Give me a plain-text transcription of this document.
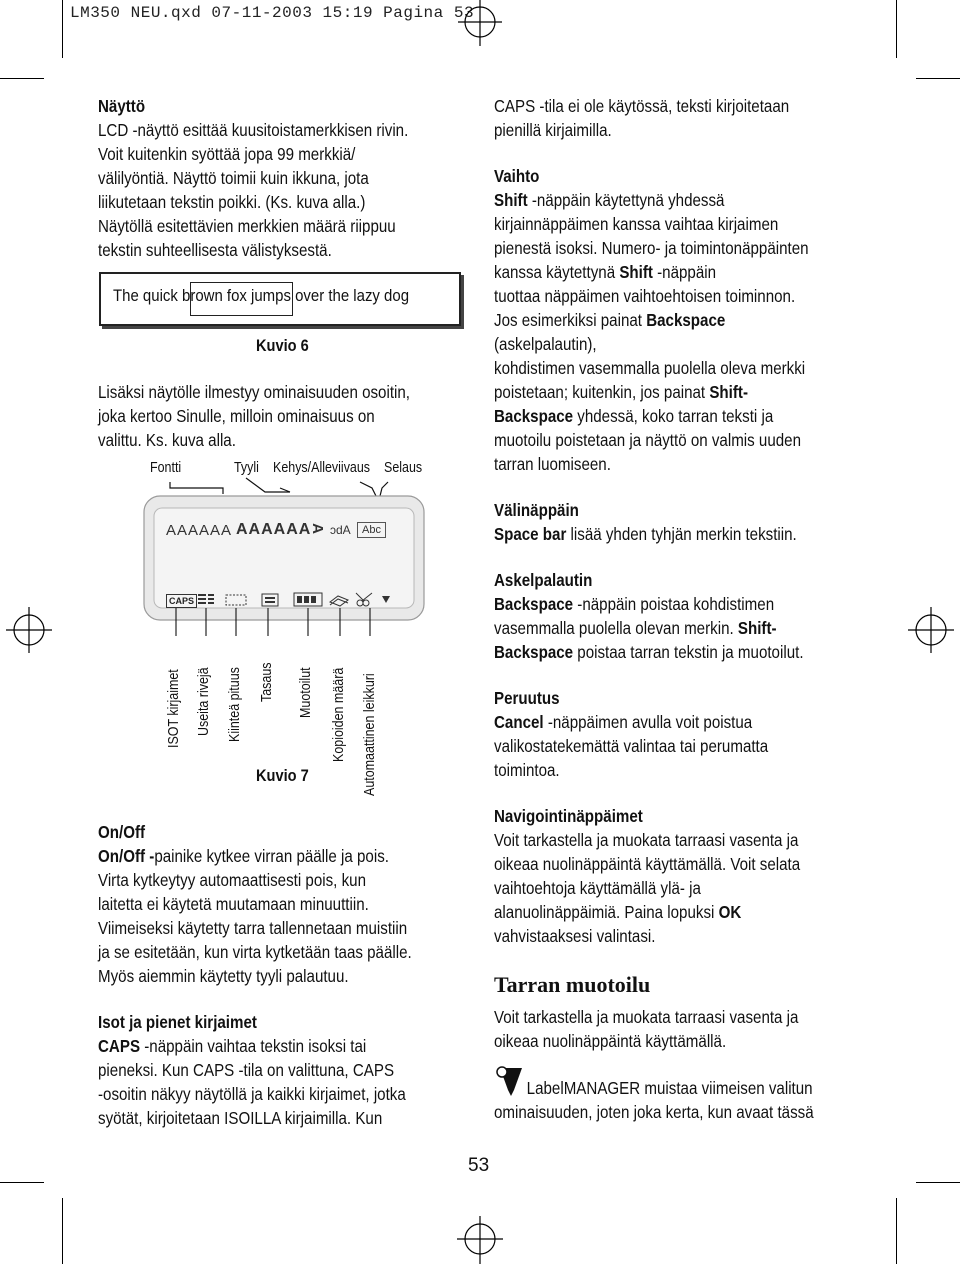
LM350 NEU.qxd 07-11-2003 15:19 Pagina 53
Näyttö

LCD -näyttö esittää kuusitoistamerkkisen rivin.

Voit kuitenkin syöttää jopa 99 merkkiä/

välilyöntiä. Näyttö toimii kuin ikkuna, jota

liikutetaan tekstin poikki. (Ks. kuva alla.)

Näytöllä esitettävien merkkien määrä riippuu

tekstin suhteellisesta välistyksestä.

The quick brown fox jumps over the lazy dog
Kuvio 6

Lisäksi näytölle ilmestyy ominaisuuden osoitin,

joka kertoo Sinulle, milloin ominaisuus on

valittu. Ks. kuva alla.

Fontti	Tyyli Kehys/Alleviivaus Selaus
AAAAAA AAAAAA
A ↄdA	Abc
CAPS
ISOT kirjaimet Useita rivejä Kiinteä pituus Tasaus Muotoilut Kopioiden määrä Automaattinen leikkuri
Kuvio 7
On/Off

On/Off -painike kytkee virran päälle ja pois.

Virta kytkeytyy automaattisesti pois, kun

laitetta ei käytetä muutamaan minuuttiin.

Viimeiseksi käytetty tarra tallennetaan muistiin

ja se esitetään, kun virta kytketään taas päälle.

Myös aiemmin käytetty tyyli palautuu.

Isot ja pienet kirjaimet

CAPS -näppäin vaihtaa tekstin isoksi tai

pieneksi. Kun CAPS -tila on valittuna, CAPS

-osoitin näkyy näytöllä ja kaikki kirjaimet, jotka

syötät, kirjoitetaan ISOILLA kirjaimilla. Kun

CAPS -tila ei ole käytössä, teksti kirjoitetaan

pienillä kirjaimilla.

Vaihto

Shift -näppäin käytettynä yhdessä

kirjainnäppäimen kanssa vaihtaa kirjaimen

pienestä isoksi. Numero- ja toimintonäppäinten

kanssa käytettynä Shift -näppäin

tuottaa näppäimen vaihtoehtoisen toiminnon.

Jos esimerkiksi painat Backspace

(askelpalautin),

kohdistimen vasemmalla puolella oleva merkki

poistetaan; kuitenkin, jos painat Shift-

Backspace yhdessä, koko tarran teksti ja

muotoilu poistetaan ja näyttö on valmis uuden

tarran luomiseen.

Välinäppäin

Space bar lisää yhden tyhjän merkin tekstiin.

Askelpalautin

Backspace -näppäin poistaa kohdistimen

vasemmalla puolella olevan merkin. Shift-

Backspace poistaa tarran tekstin ja muotoilut.

Peruutus

Cancel -näppäimen avulla voit poistua

valikostatekemättä valintaa tai perumatta

toimintoa.

Navigointinäppäimet

Voit tarkastella ja muokata tarraasi vasenta ja

oikeaa nuolinäppäintä käyttämällä. Voit selata

vaihtoehtoja käyttämällä ylä- ja

alanuolinäppäimiä. Paina lopuksi OK

vahvistaaksesi valintasi.

Tarran muotoilu

Voit tarkastella ja muokata tarraasi vasenta ja

oikeaa nuolinäppäintä käyttämällä.

LabelMANAGER muistaa viimeisen valitun

ominaisuuden, joten joka kerta, kun avaat tässä

53
